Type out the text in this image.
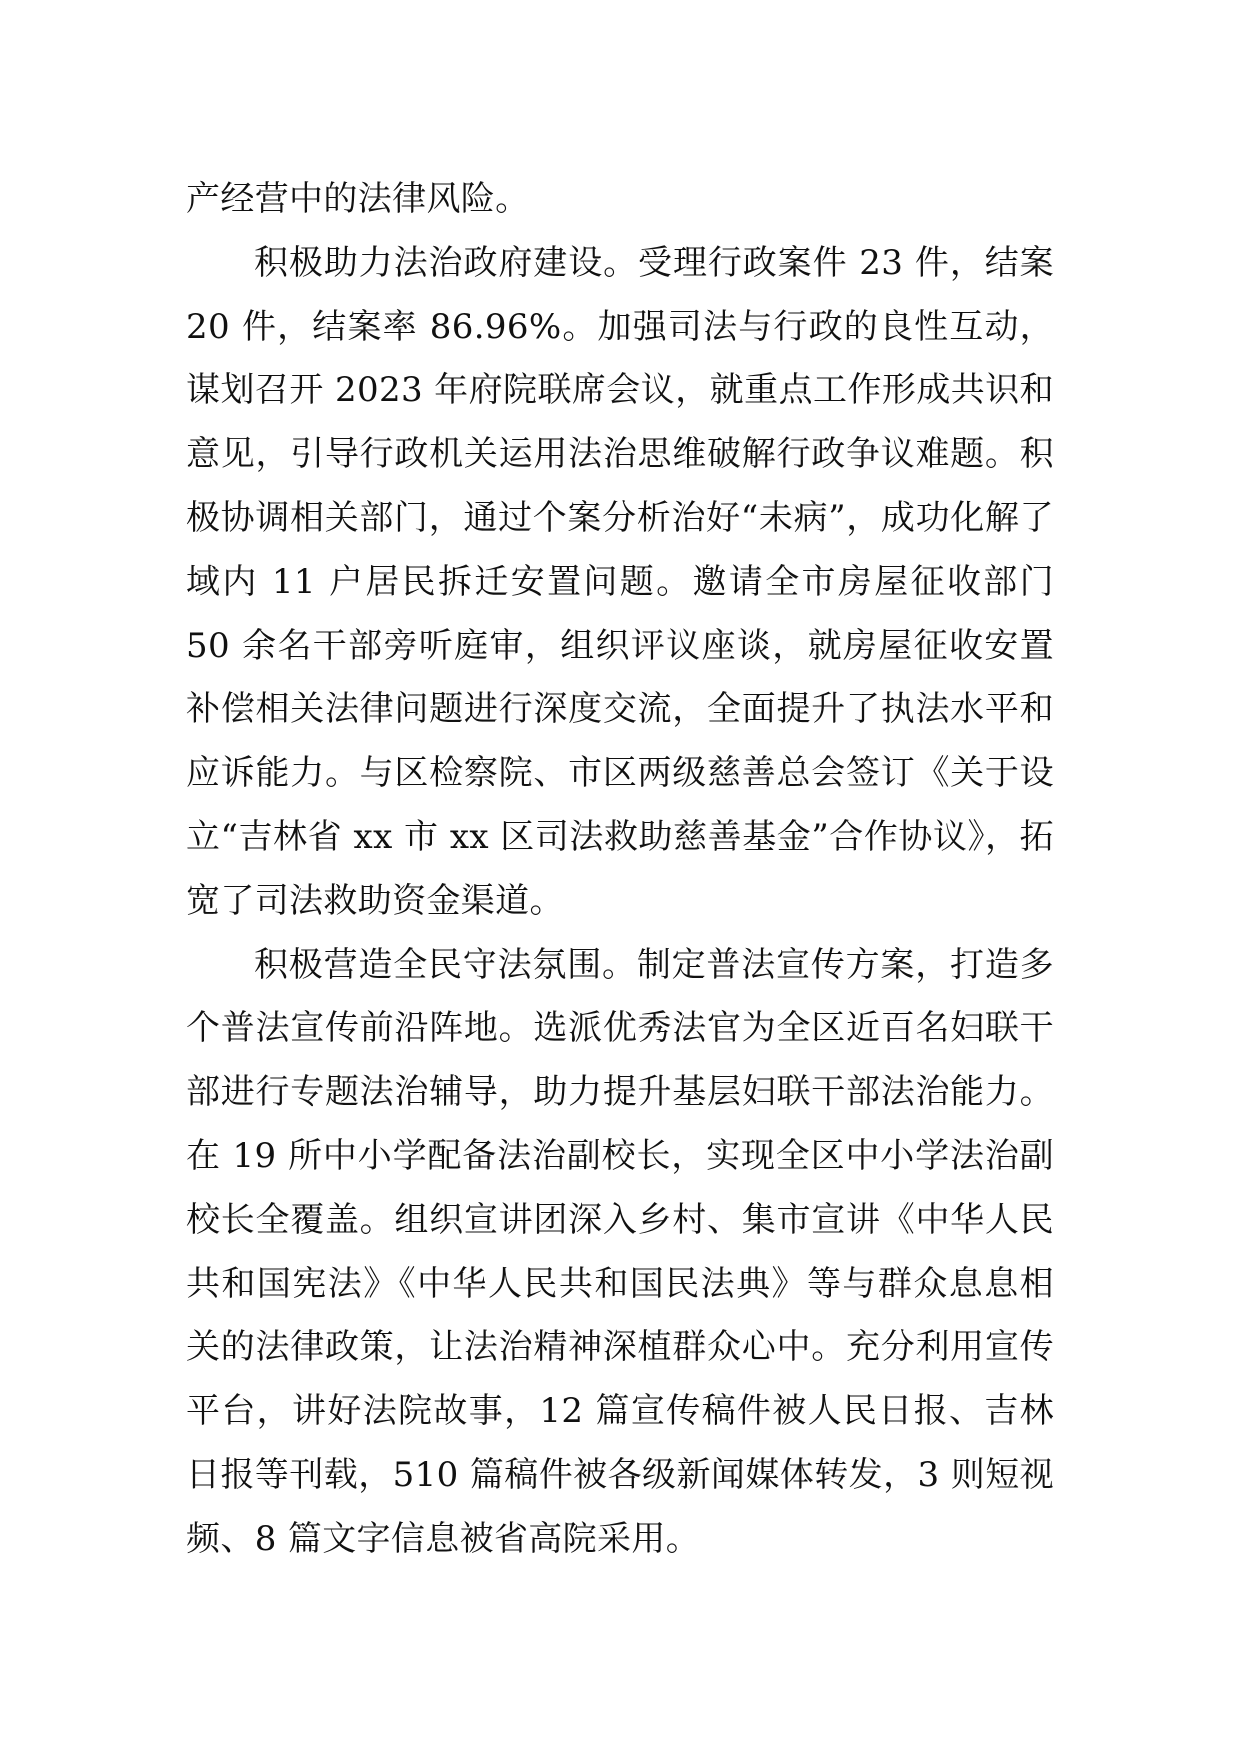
产经营中的法律风险。

积极助力法治政府建设。受理行政案件 23 件，结案 20 件，结案率 86.96%。加强司法与行政的良性互动，谋划召开 2023 年府院联席会议，就重点工作形成共识和意见，引导行政机关运用法治思维破解行政争议难题。积极协调相关部门，通过个案分析治好“未病”，成功化解了域内 11 户居民拆迁安置问题。邀请全市房屋征收部门 50 余名干部旁听庭审，组织评议座谈，就房屋征收安置补偿相关法律问题进行深度交流，全面提升了执法水平和应诉能力。与区检察院、市区两级慈善总会签订《关于设立“吉林省 xx 市 xx 区司法救助慈善基金”合作协议》，拓宽了司法救助资金渠道。

积极营造全民守法氛围。制定普法宣传方案，打造多个普法宣传前沿阵地。选派优秀法官为全区近百名妇联干部进行专题法治辅导，助力提升基层妇联干部法治能力。在 19 所中小学配备法治副校长，实现全区中小学法治副校长全覆盖。组织宣讲团深入乡村、集市宣讲《中华人民共和国宪法》《中华人民共和国民法典》等与群众息息相关的法律政策，让法治精神深植群众心中。充分利用宣传平台，讲好法院故事，12 篇宣传稿件被人民日报、吉林日报等刊载，510 篇稿件被各级新闻媒体转发，3 则短视频、8 篇文字信息被省高院采用。
